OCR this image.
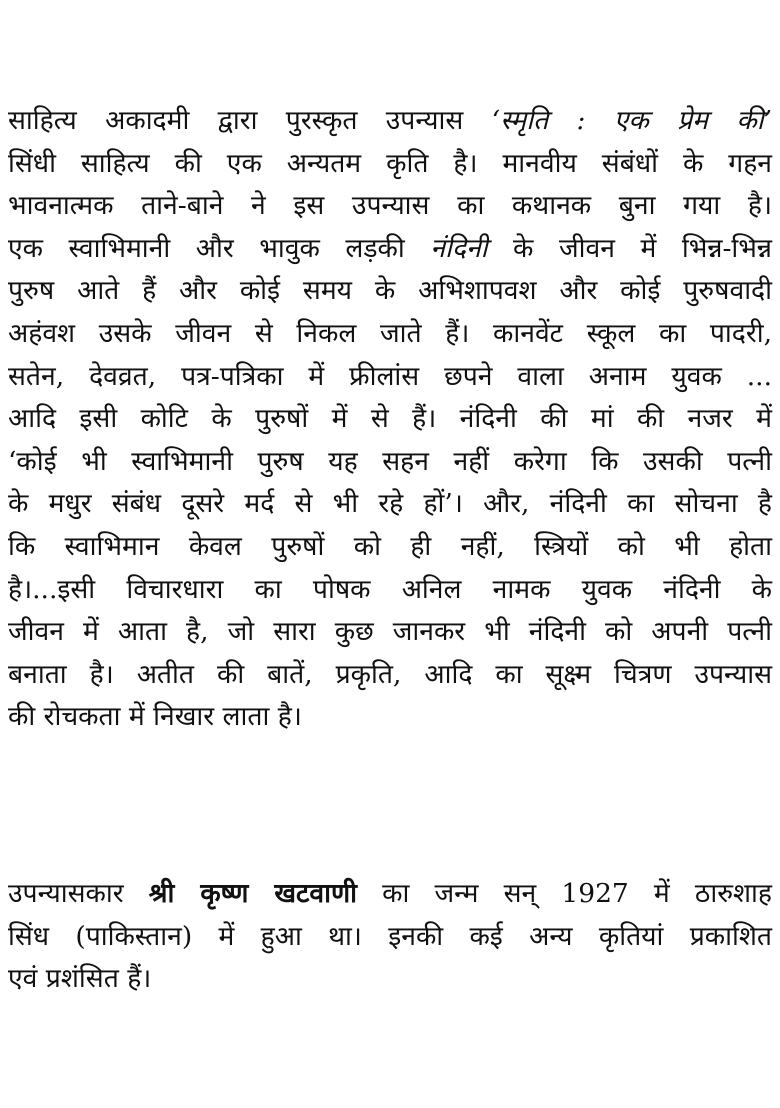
साहित्य अकादमी द्वारा पुरस्कृत उपन्यास ‘स्मृति : एक प्रेम की’
सिंधी साहित्य की एक अन्यतम कृति है। मानवीय संबंधों के गहन
भावनात्मक ताने-बाने ने इस उपन्यास का कथानक बुना गया है।
एक स्वाभिमानी और भावुक लड़की नंदिनी के जीवन में भिन्न-भिन्न
पुरुष आते हैं और कोई समय के अभिशापवश और कोई पुरुषवादी
अहंवश उसके जीवन से निकल जाते हैं। कानवेंट स्कूल का पादरी,
सतेन, देवव्रत, पत्र-पत्रिका में फ्रीलांस छपने वाला अनाम युवक ...
आदि इसी कोटि के पुरुषों में से हैं। नंदिनी की मां की नजर में
‘कोई भी स्वाभिमानी पुरुष यह सहन नहीं करेगा कि उसकी पत्नी
के मधुर संबंध दूसरे मर्द से भी रहे हों’। और, नंदिनी का सोचना है
कि स्वाभिमान केवल पुरुषों को ही नहीं, स्त्रियों को भी होता
है।...इसी विचारधारा का पोषक अनिल नामक युवक नंदिनी के
जीवन में आता है, जो सारा कुछ जानकर भी नंदिनी को अपनी पत्नी
बनाता है। अतीत की बातें, प्रकृति, आदि का सूक्ष्म चित्रण उपन्यास
की रोचकता में निखार लाता है।
उपन्यासकार श्री कृष्ण खटवाणी का जन्म सन् 1927 में ठारुशाह
सिंध (पाकिस्तान) में हुआ था। इनकी कई अन्य कृतियां प्रकाशित
एवं प्रशंसित हैं।
